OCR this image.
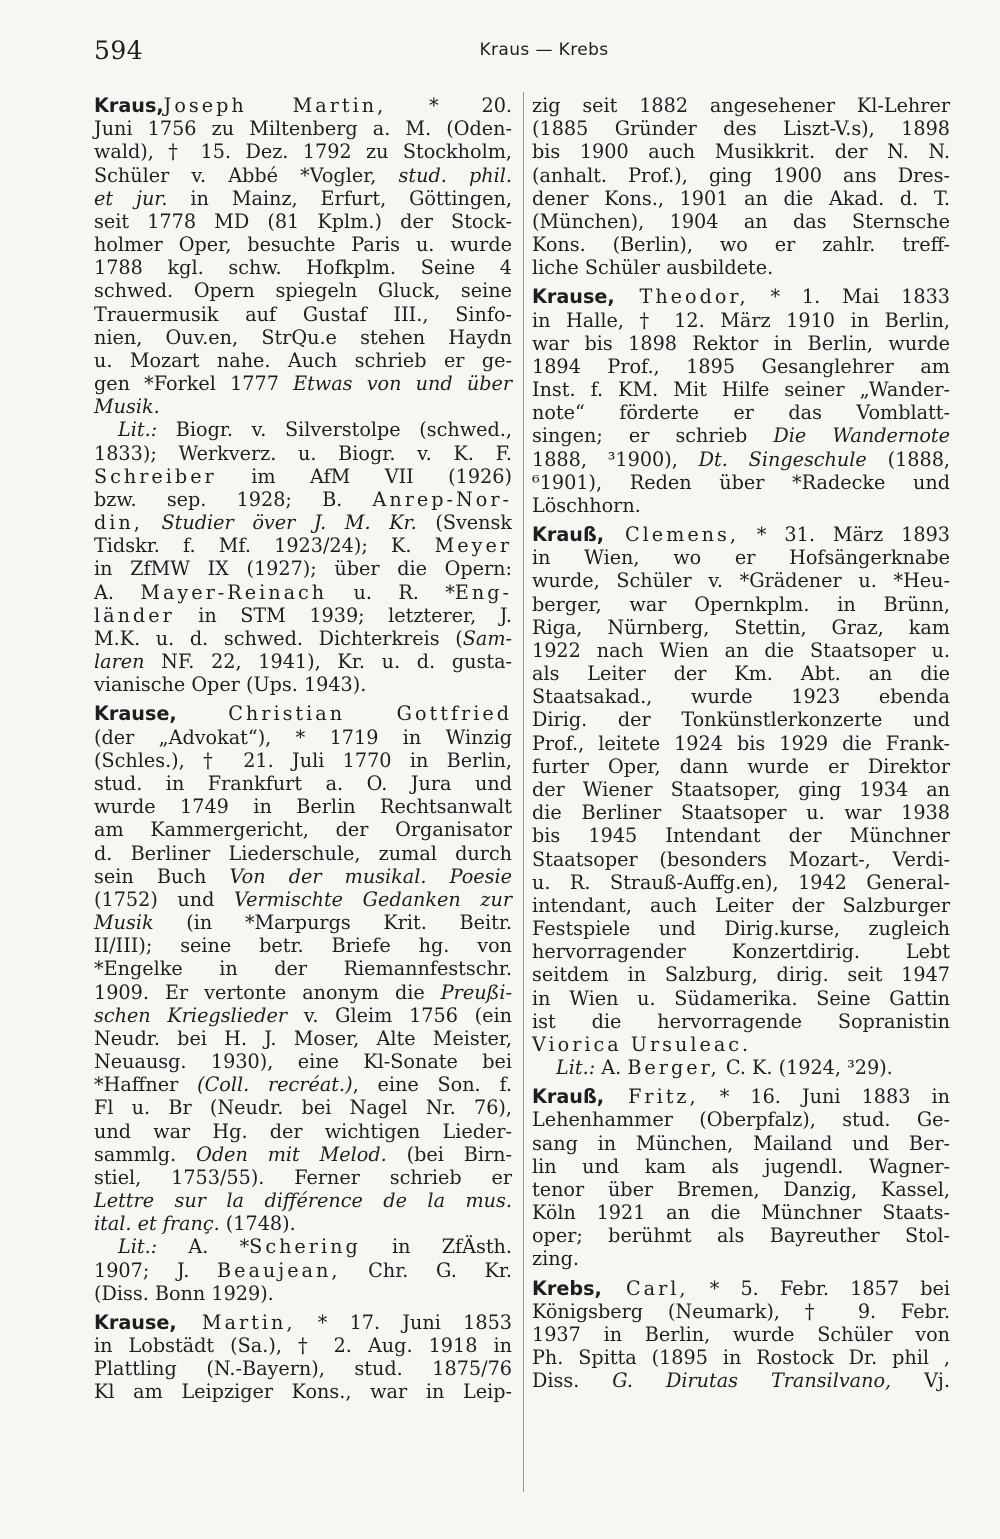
594	Kraus — Krebs
Kraus,Joseph Martin, * 20.
Juni 1756 zu Miltenberg a. M. (Oden-
wald), † 15. Dez. 1792 zu Stockholm,
Schüler v. Abbé *Vogler, stud. phil.
et jur. in Mainz, Erfurt, Göttingen,
seit 1778 MD (81 Kplm.) der Stock-
holmer Oper, besuchte Paris u. wurde
1788 kgl. schw. Hofkplm. Seine 4
schwed. Opern spiegeln Gluck, seine
Trauermusik auf Gustaf III., Sinfo-
nien, Ouv.en, StrQu.e stehen Haydn
u. Mozart nahe. Auch schrieb er ge-
gen *Forkel 1777 Etwas von und über
Musik.
Lit.: Biogr. v. Silverstolpe (schwed.,
1833); Werkverz. u. Biogr. v. K. F.
Schreiber im AfM VII (1926)
bzw. sep. 1928; B. Anrep-Nor-
din, Studier över J. M. Kr. (Svensk
Tidskr. f. Mf. 1923/24); K. Meyer
in ZfMW IX (1927); über die Opern:
A. Mayer-Reinach u. R. *Eng-
länder in STM 1939; letzterer, J.
M.K. u. d. schwed. Dichterkreis (Sam-
laren NF. 22, 1941), Kr. u. d. gusta-
vianische Oper (Ups. 1943).
Krause, Christian Gottfried
(der „Advokat“), * 1719 in Winzig
(Schles.), † 21. Juli 1770 in Berlin,
stud. in Frankfurt a. O. Jura und
wurde 1749 in Berlin Rechtsanwalt
am Kammergericht, der Organisator
d. Berliner Liederschule, zumal durch
sein Buch Von der musikal. Poesie
(1752) und Vermischte Gedanken zur
Musik (in *Marpurgs Krit. Beitr.
II/III); seine betr. Briefe hg. von
*Engelke in der Riemannfestschr.
1909. Er vertonte anonym die Preußi-
schen Kriegslieder v. Gleim 1756 (ein
Neudr. bei H. J. Moser, Alte Meister,
Neuausg. 1930), eine Kl-Sonate bei
*Haffner (Coll. recréat.), eine Son. f.
Fl u. Br (Neudr. bei Nagel Nr. 76),
und war Hg. der wichtigen Lieder-
sammlg. Oden mit Melod. (bei Birn-
stiel, 1753/55). Ferner schrieb er
Lettre sur la différence de la mus.
ital. et franç. (1748).
Lit.: A. *Schering in ZfÄsth.
1907; J. Beaujean, Chr. G. Kr.
(Diss. Bonn 1929).
Krause, Martin, * 17. Juni 1853
in Lobstädt (Sa.), † 2. Aug. 1918 in
Plattling (N.-Bayern), stud. 1875/76
Kl am Leipziger Kons., war in Leip-
zig seit 1882 angesehener Kl-Lehrer
(1885 Gründer des Liszt-V.s), 1898
bis 1900 auch Musikkrit. der N. N.
(anhalt. Prof.), ging 1900 ans Dres-
dener Kons., 1901 an die Akad. d. T.
(München), 1904 an das Sternsche
Kons. (Berlin), wo er zahlr. treff-
liche Schüler ausbildete.
Krause, Theodor, * 1. Mai 1833
in Halle, † 12. März 1910 in Berlin,
war bis 1898 Rektor in Berlin, wurde
1894 Prof., 1895 Gesanglehrer am
Inst. f. KM. Mit Hilfe seiner „Wander-
note“ förderte er das Vomblatt-
singen; er schrieb Die Wandernote
1888, ³1900), Dt. Singeschule (1888,
⁶1901), Reden über *Radecke und
Löschhorn.
Krauß, Clemens, * 31. März 1893
in Wien, wo er Hofsängerknabe
wurde, Schüler v. *Grädener u. *Heu-
berger, war Opernkplm. in Brünn,
Riga, Nürnberg, Stettin, Graz, kam
1922 nach Wien an die Staatsoper u.
als Leiter der Km. Abt. an die
Staatsakad., wurde 1923 ebenda
Dirig. der Tonkünstlerkonzerte und
Prof., leitete 1924 bis 1929 die Frank-
furter Oper, dann wurde er Direktor
der Wiener Staatsoper, ging 1934 an
die Berliner Staatsoper u. war 1938
bis 1945 Intendant der Münchner
Staatsoper (besonders Mozart-, Verdi-
u. R. Strauß-Auffg.en), 1942 General-
intendant, auch Leiter der Salzburger
Festspiele und Dirig.kurse, zugleich
hervorragender Konzertdirig. Lebt
seitdem in Salzburg, dirig. seit 1947
in Wien u. Südamerika. Seine Gattin
ist die hervorragende Sopranistin
Viorica Ursuleac.
Lit.: A. Berger, C. K. (1924, ³29).
Krauß, Fritz, * 16. Juni 1883 in
Lehenhammer (Oberpfalz), stud. Ge-
sang in München, Mailand und Ber-
lin und kam als jugendl. Wagner-
tenor über Bremen, Danzig, Kassel,
Köln 1921 an die Münchner Staats-
oper; berühmt als Bayreuther Stol-
zing.
Krebs, Carl, * 5. Febr. 1857 bei
Königsberg (Neumark), † 9. Febr.
1937 in Berlin, wurde Schüler von
Ph. Spitta (1895 in Rostock Dr. phil ,
Diss. G. Dirutas Transilvano, Vj.
